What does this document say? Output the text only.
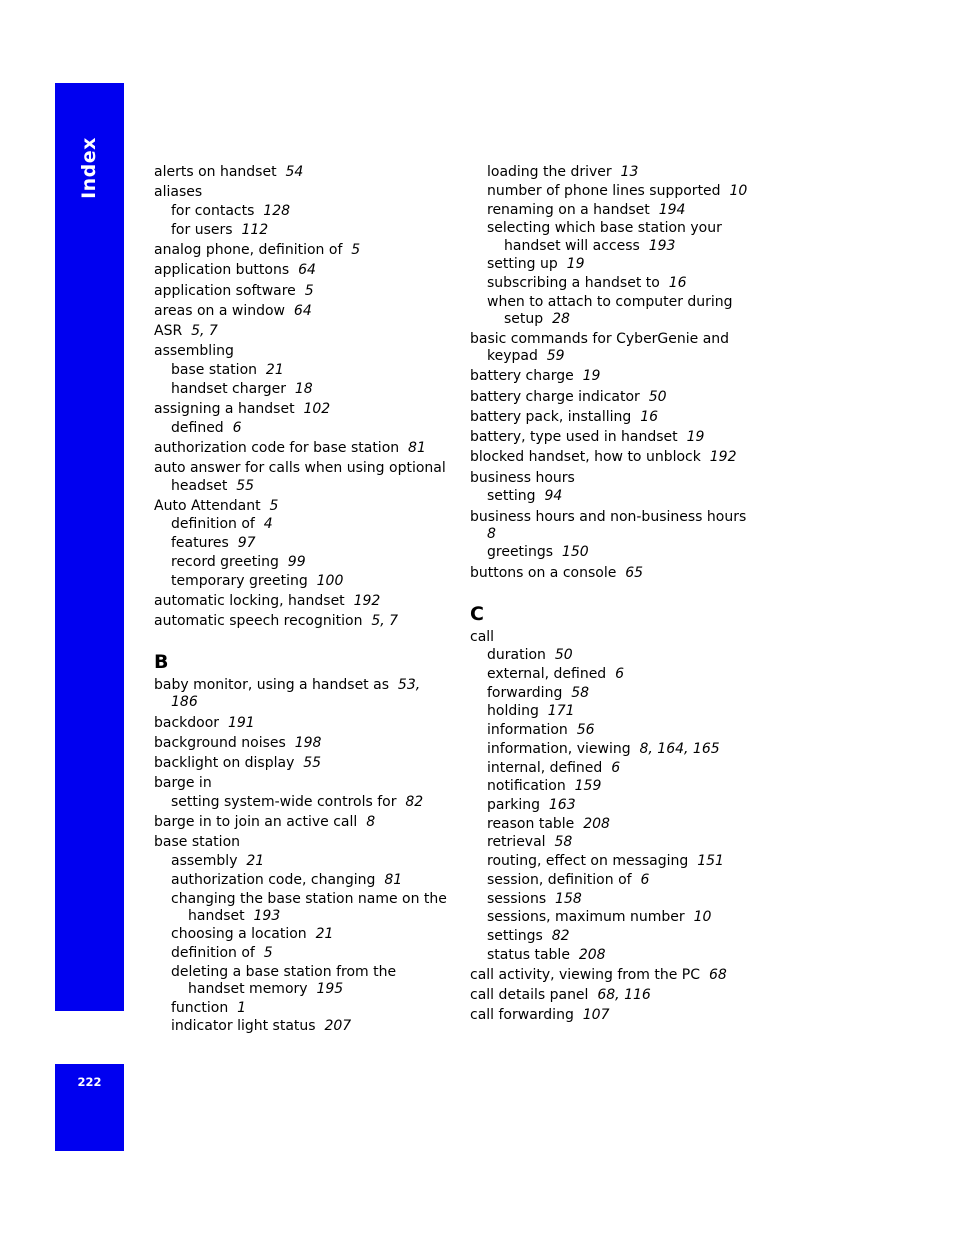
Index
222
alerts on handset 54
aliases
for contacts 128
for users 112
analog phone, definition of 5
application buttons 64
application software 5
areas on a window 64
ASR 5, 7
assembling
base station 21
handset charger 18
assigning a handset 102
defined 6
authorization code for base station 81
auto answer for calls when using optional
headset 55
Auto Attendant 5
definition of 4
features 97
record greeting 99
temporary greeting 100
automatic locking, handset 192
automatic speech recognition 5, 7
baby monitor, using a handset as 53,
186
backdoor 191
background noises 198
backlight on display 55
barge in
setting system-wide controls for 82
barge in to join an active call 8
base station
assembly 21
authorization code, changing 81
changing the base station name on the
handset 193
choosing a location 21
definition of 5
deleting a base station from the
handset memory 195
function 1
indicator light status 207
B
loading the driver 13
number of phone lines supported 10
renaming on a handset 194
selecting which base station your
handset will access 193
setting up 19
subscribing a handset to 16
when to attach to computer during
setup 28
basic commands for CyberGenie and
keypad 59
battery charge 19
battery charge indicator 50
battery pack, installing 16
battery, type used in handset 19
blocked handset, how to unblock 192
business hours
setting 94
business hours and non-business hours
8
greetings 150
buttons on a console 65
call
duration 50
external, defined 6
forwarding 58
holding 171
information 56
information, viewing 8, 164, 165
internal, defined 6
notification 159
parking 163
reason table 208
retrieval 58
routing, effect on messaging 151
session, definition of 6
sessions 158
sessions, maximum number 10
settings 82
status table 208
call activity, viewing from the PC 68
call details panel 68, 116
call forwarding 107
C
